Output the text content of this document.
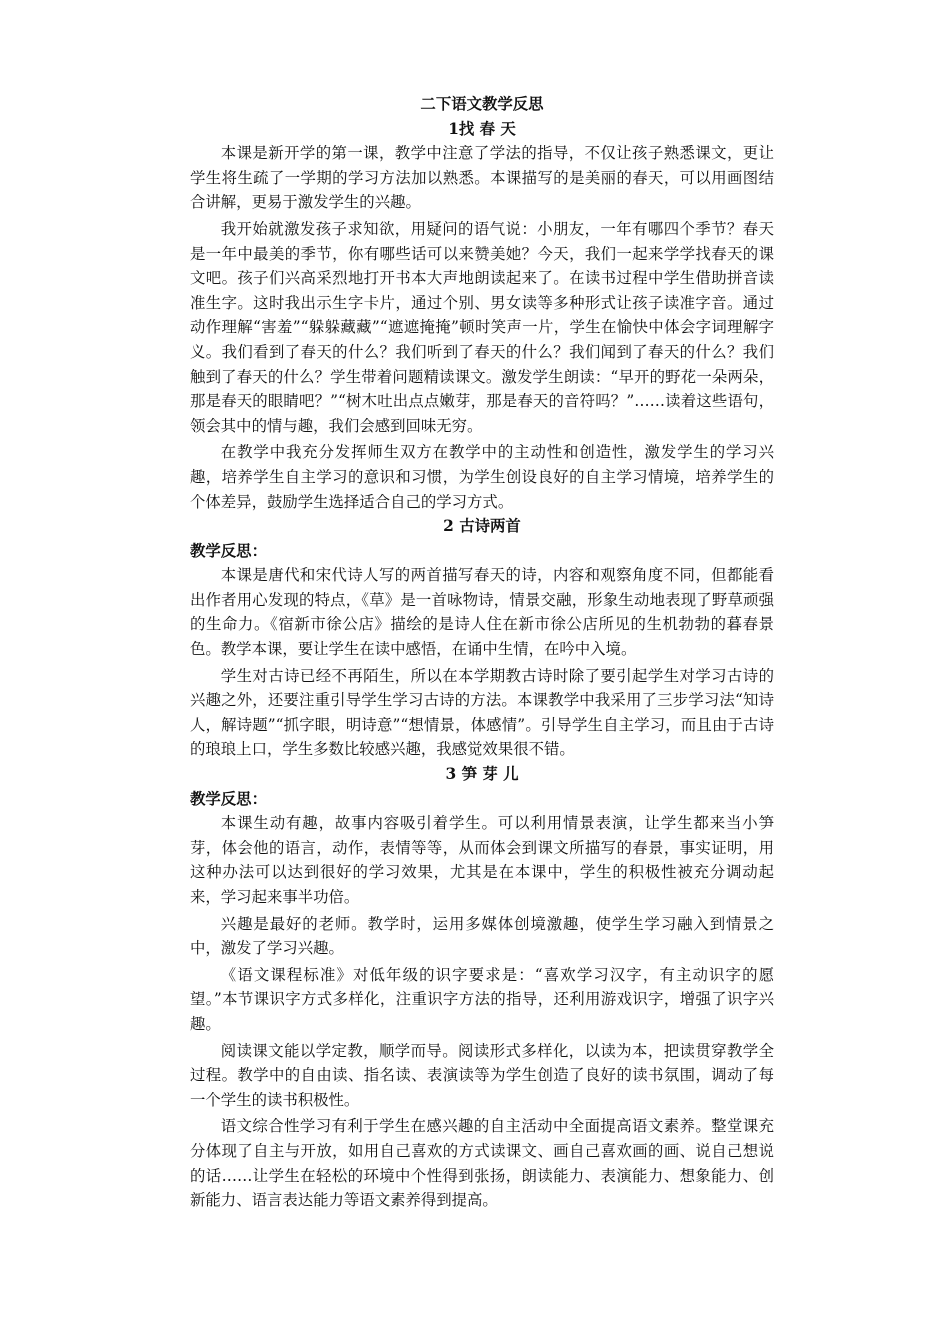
二下语文教学反思

1找 春 天

本课是新开学的第一课，教学中注意了学法的指导，不仅让孩子熟悉课文，更让学生将生疏了一学期的学习方法加以熟悉。本课描写的是美丽的春天，可以用画图结合讲解，更易于激发学生的兴趣。

我开始就激发孩子求知欲，用疑问的语气说：小朋友，一年有哪四个季节？春天是一年中最美的季节，你有哪些话可以来赞美她？今天，我们一起来学学找春天的课文吧。孩子们兴高采烈地打开书本大声地朗读起来了。在读书过程中学生借助拼音读准生字。这时我出示生字卡片，通过个别、男女读等多种形式让孩子读准字音。通过动作理解“害羞”“躲躲藏藏”“遮遮掩掩”顿时笑声一片，学生在愉快中体会字词理解字义。我们看到了春天的什么？我们听到了春天的什么？我们闻到了春天的什么？我们触到了春天的什么？学生带着问题精读课文。激发学生朗读：“早开的野花一朵两朵，那是春天的眼睛吧？”“树木吐出点点嫩芽，那是春天的音符吗？”……读着这些语句，领会其中的情与趣，我们会感到回味无穷。

在教学中我充分发挥师生双方在教学中的主动性和创造性，激发学生的学习兴趣，培养学生自主学习的意识和习惯，为学生创设良好的自主学习情境，培养学生的个体差异，鼓励学生选择适合自己的学习方式。

2 古诗两首

教学反思：

本课是唐代和宋代诗人写的两首描写春天的诗，内容和观察角度不同，但都能看出作者用心发现的特点，《草》是一首咏物诗，情景交融，形象生动地表现了野草顽强的生命力。《宿新市徐公店》描绘的是诗人住在新市徐公店所见的生机勃勃的暮春景色。教学本课，要让学生在读中感悟，在诵中生情，在吟中入境。

学生对古诗已经不再陌生，所以在本学期教古诗时除了要引起学生对学习古诗的兴趣之外，还要注重引导学生学习古诗的方法。本课教学中我采用了三步学习法“知诗人，解诗题”“抓字眼，明诗意”“想情景，体感情”。引导学生自主学习，而且由于古诗的琅琅上口，学生多数比较感兴趣，我感觉效果很不错。

3 笋 芽 儿

教学反思：

本课生动有趣，故事内容吸引着学生。可以利用情景表演，让学生都来当小笋芽，体会他的语言，动作，表情等等，从而体会到课文所描写的春景，事实证明，用这种办法可以达到很好的学习效果，尤其是在本课中，学生的积极性被充分调动起来，学习起来事半功倍。

兴趣是最好的老师。教学时，运用多媒体创境激趣，使学生学习融入到情景之中，激发了学习兴趣。

《语文课程标准》对低年级的识字要求是：“喜欢学习汉字，有主动识字的愿望。”本节课识字方式多样化，注重识字方法的指导，还利用游戏识字，增强了识字兴趣。

阅读课文能以学定教，顺学而导。阅读形式多样化，以读为本，把读贯穿教学全过程。教学中的自由读、指名读、表演读等为学生创造了良好的读书氛围，调动了每一个学生的读书积极性。

语文综合性学习有利于学生在感兴趣的自主活动中全面提高语文素养。整堂课充分体现了自主与开放，如用自己喜欢的方式读课文、画自己喜欢画的画、说自己想说的话……让学生在轻松的环境中个性得到张扬，朗读能力、表演能力、想象能力、创新能力、语言表达能力等语文素养得到提高。
